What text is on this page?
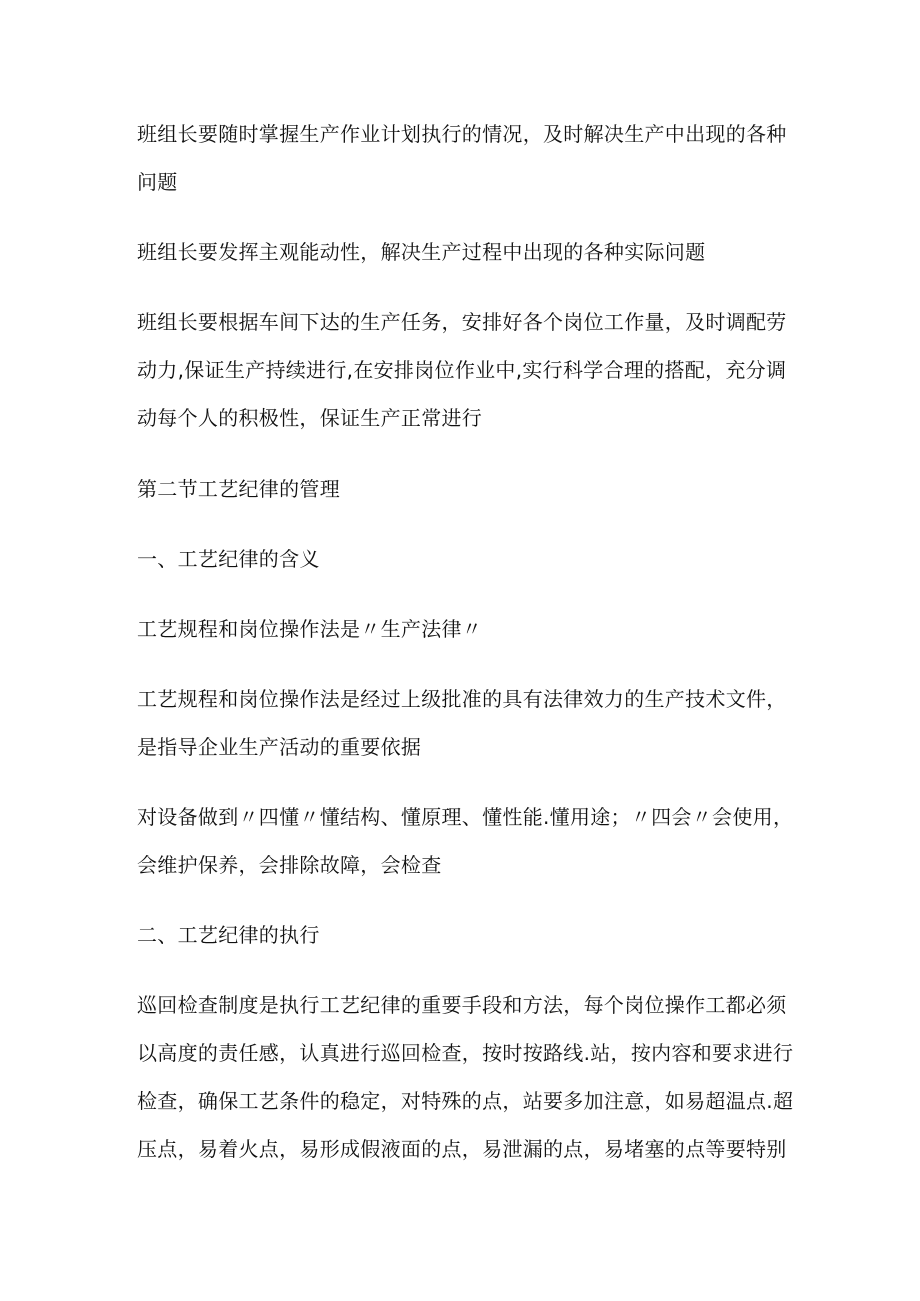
班组长要随时掌握生产作业计划执行的情况，及时解决生产中出现的各种
问题

班组长要发挥主观能动性，解决生产过程中出现的各种实际问题

班组长要根据车间下达的生产任务，安排好各个岗位工作量，及时调配劳
动力,保证生产持续进行,在安排岗位作业中,实行科学合理的搭配，充分调
动每个人的积极性，保证生产正常进行

第二节工艺纪律的管理

一、工艺纪律的含义

工艺规程和岗位操作法是〃生产法律〃

工艺规程和岗位操作法是经过上级批准的具有法律效力的生产技术文件，
是指导企业生产活动的重要依据

对设备做到〃四懂〃懂结构、懂原理、懂性能.懂用途；〃四会〃会使用，
会维护保养，会排除故障，会检查

二、工艺纪律的执行

巡回检查制度是执行工艺纪律的重要手段和方法，每个岗位操作工都必须
以高度的责任感，认真进行巡回检查，按时按路线.站，按内容和要求进行
检查，确保工艺条件的稳定，对特殊的点，站要多加注意，如易超温点.超
压点，易着火点，易形成假液面的点，易泄漏的点，易堵塞的点等要特别
